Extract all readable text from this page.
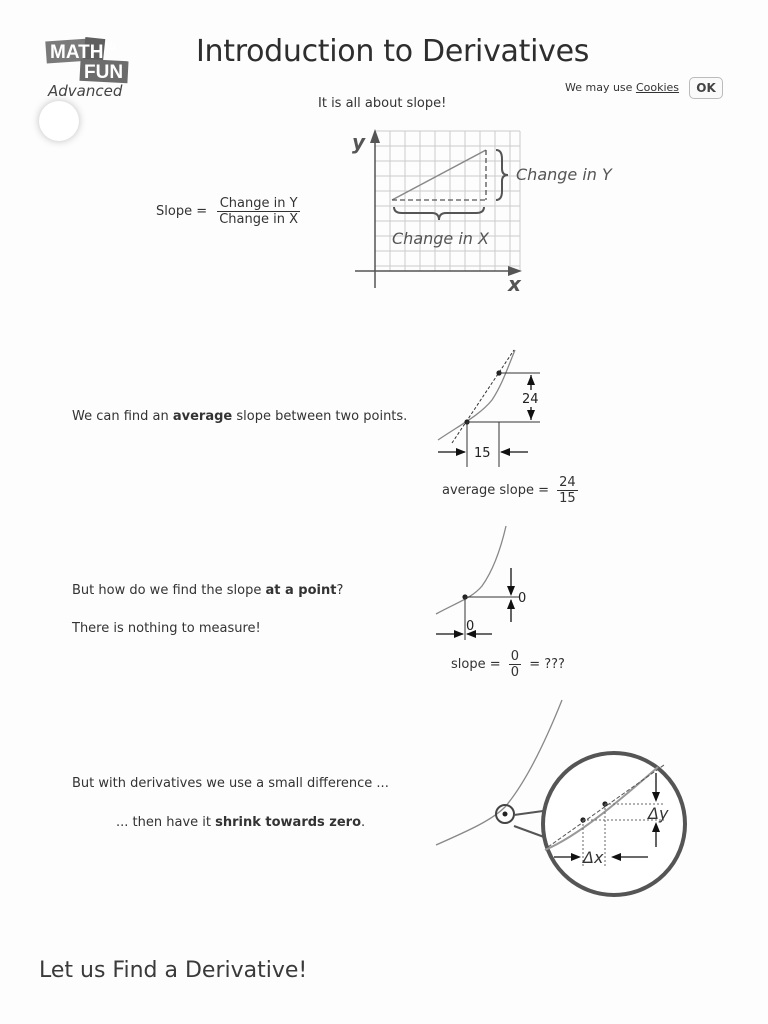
MATH IS
FUN
Advanced
Introduction to Derivatives
We may use Cookies	OK
It is all about slope!
Slope = $\frac{\text{Change in Y}}{\text{Change in X}}$
y
x
Change in Y
Change in X
We can find an average slope between two points.
24
15
average slope = $\frac{24}{15}$
But how do we find the slope at a point?
There is nothing to measure!
0
0
slope = $\frac{0}{0}$ = ???
But with derivatives we use a small difference ...
... then have it shrink towards zero.	Δy
Δx
Let us Find a Derivative!
